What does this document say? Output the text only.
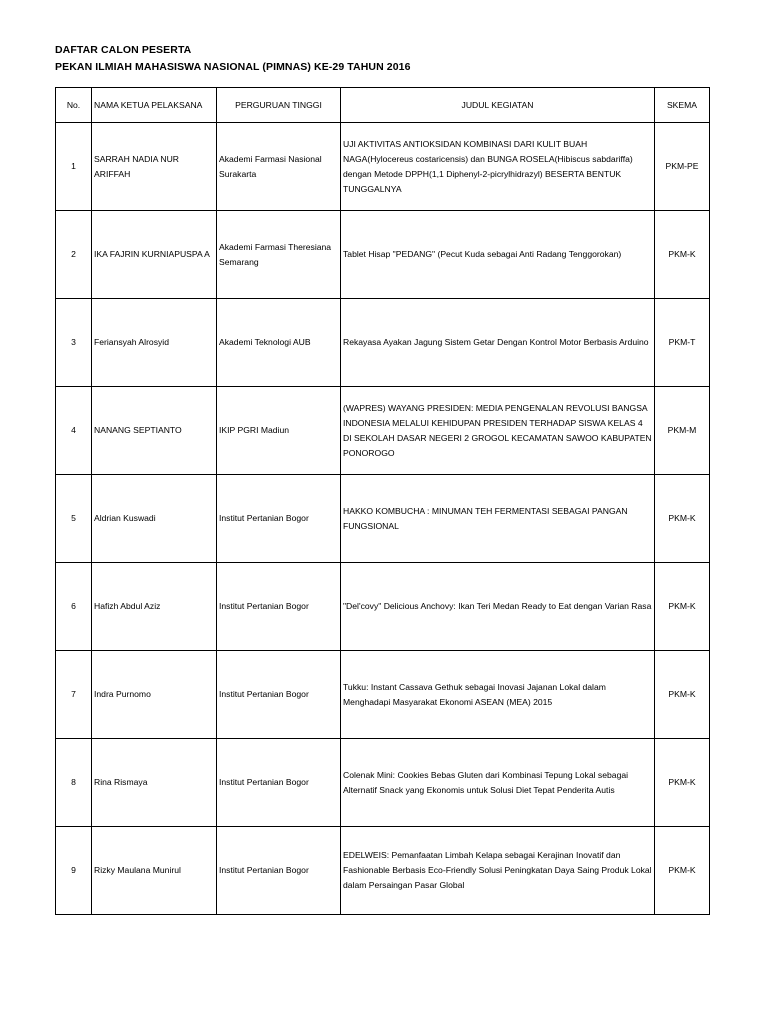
DAFTAR CALON PESERTA
PEKAN ILMIAH MAHASISWA NASIONAL (PIMNAS) KE-29 TAHUN 2016
No.	NAMA KETUA PELAKSANA	PERGURUAN TINGGI	JUDUL KEGIATAN	SKEMA
1	SARRAH NADIA NUR ARIFFAH	Akademi Farmasi Nasional Surakarta	UJI AKTIVITAS ANTIOKSIDAN KOMBINASI DARI KULIT BUAH NAGA(Hylocereus costaricensis) dan BUNGA ROSELA(Hibiscus sabdariffa) dengan Metode DPPH(1,1 Diphenyl-2-picrylhidrazyl) BESERTA BENTUK TUNGGALNYA	PKM-PE
2	IKA FAJRIN KURNIAPUSPA A	Akademi Farmasi Theresiana Semarang	Tablet Hisap "PEDANG" (Pecut Kuda sebagai Anti Radang Tenggorokan)	PKM-K
3	Feriansyah Alrosyid	Akademi Teknologi AUB	Rekayasa Ayakan Jagung Sistem Getar Dengan Kontrol Motor Berbasis Arduino	PKM-T
4	NANANG SEPTIANTO	IKIP PGRI Madiun	(WAPRES) WAYANG PRESIDEN: MEDIA PENGENALAN REVOLUSI BANGSA INDONESIA MELALUI KEHIDUPAN PRESIDEN TERHADAP SISWA KELAS 4 DI SEKOLAH DASAR NEGERI 2 GROGOL KECAMATAN SAWOO KABUPATEN PONOROGO	PKM-M
5	Aldrian Kuswadi	Institut Pertanian Bogor	HAKKO KOMBUCHA : MINUMAN TEH FERMENTASI SEBAGAI PANGAN FUNGSIONAL	PKM-K
6	Hafizh Abdul Aziz	Institut Pertanian Bogor	"Del'covy" Delicious Anchovy: Ikan Teri Medan Ready to Eat dengan Varian Rasa	PKM-K
7	Indra Purnomo	Institut Pertanian Bogor	Tukku: Instant Cassava Gethuk sebagai Inovasi Jajanan Lokal dalam Menghadapi Masyarakat Ekonomi ASEAN (MEA) 2015	PKM-K
8	Rina Rismaya	Institut Pertanian Bogor	Colenak Mini: Cookies Bebas Gluten dari Kombinasi Tepung Lokal sebagai Alternatif Snack yang Ekonomis untuk Solusi Diet Tepat Penderita Autis	PKM-K
9	Rizky Maulana Munirul	Institut Pertanian Bogor	EDELWEIS: Pemanfaatan Limbah Kelapa sebagai Kerajinan Inovatif dan Fashionable Berbasis Eco-Friendly Solusi Peningkatan Daya Saing Produk Lokal dalam Persaingan Pasar Global	PKM-K
